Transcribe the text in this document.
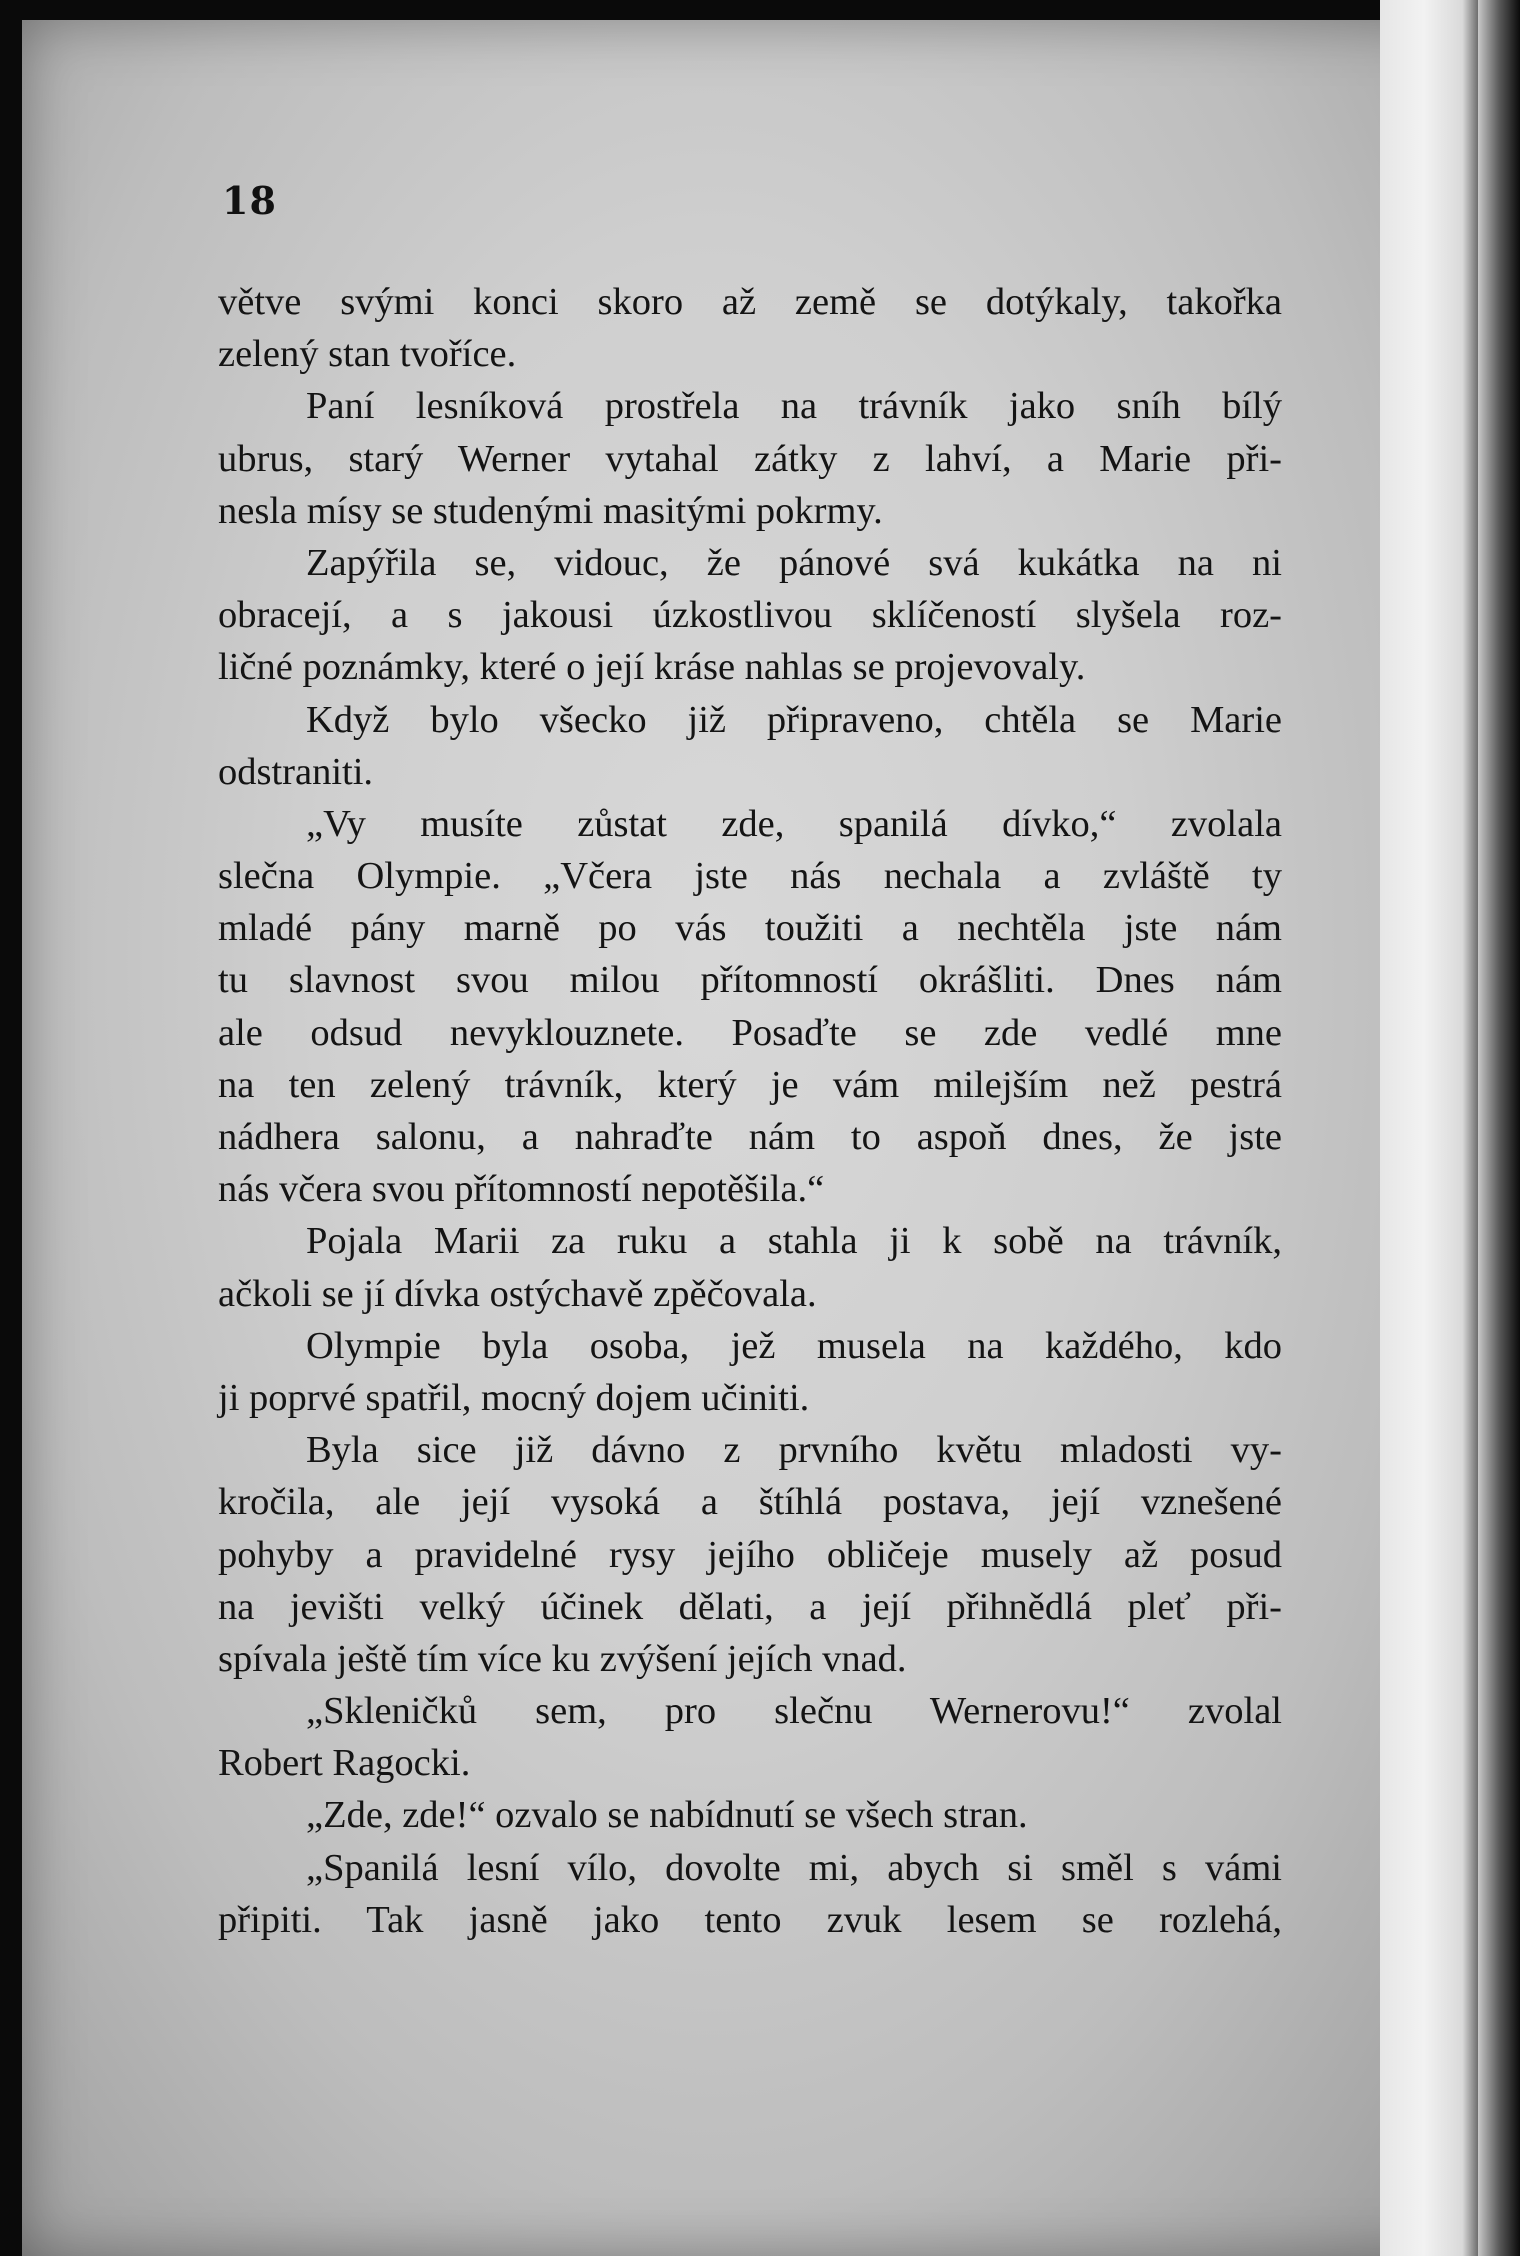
18
větve svými konci skoro až země se dotýkaly, takořka
zelený stan tvoříce.
Paní lesníková prostřela na trávník jako sníh bílý
ubrus, starý Werner vytahal zátky z lahví, a Marie při-
nesla mísy se studenými masitými pokrmy.
Zapýřila se, vidouc, že pánové svá kukátka na ni
obracejí, a s jakousi úzkostlivou sklíčeností slyšela roz-
ličné poznámky, které o její kráse nahlas se projevovaly.
Když bylo všecko již připraveno, chtěla se Marie
odstraniti.
„Vy musíte zůstat zde, spanilá dívko,“ zvolala
slečna Olympie. „Včera jste nás nechala a zvláště ty
mladé pány marně po vás toužiti a nechtěla jste nám
tu slavnost svou milou přítomností okrášliti. Dnes nám
ale odsud nevyklouznete. Posaďte se zde vedlé mne
na ten zelený trávník, který je vám milejším než pestrá
nádhera salonu, a nahraďte nám to aspoň dnes, že jste
nás včera svou přítomností nepotěšila.“
Pojala Marii za ruku a stahla ji k sobě na trávník,
ačkoli se jí dívka ostýchavě zpěčovala.
Olympie byla osoba, jež musela na každého, kdo
ji poprvé spatřil, mocný dojem učiniti.
Byla sice již dávno z prvního květu mladosti vy-
kročila, ale její vysoká a štíhlá postava, její vznešené
pohyby a pravidelné rysy jejího obličeje musely až posud
na jevišti velký účinek dělati, a její přihnědlá pleť při-
spívala ještě tím více ku zvýšení jejích vnad.
„Skleničků sem, pro slečnu Wernerovu!“ zvolal
Robert Ragocki.
„Zde, zde!“ ozvalo se nabídnutí se všech stran.
„Spanilá lesní vílo, dovolte mi, abych si směl s vámi
připiti. Tak jasně jako tento zvuk lesem se rozlehá,
